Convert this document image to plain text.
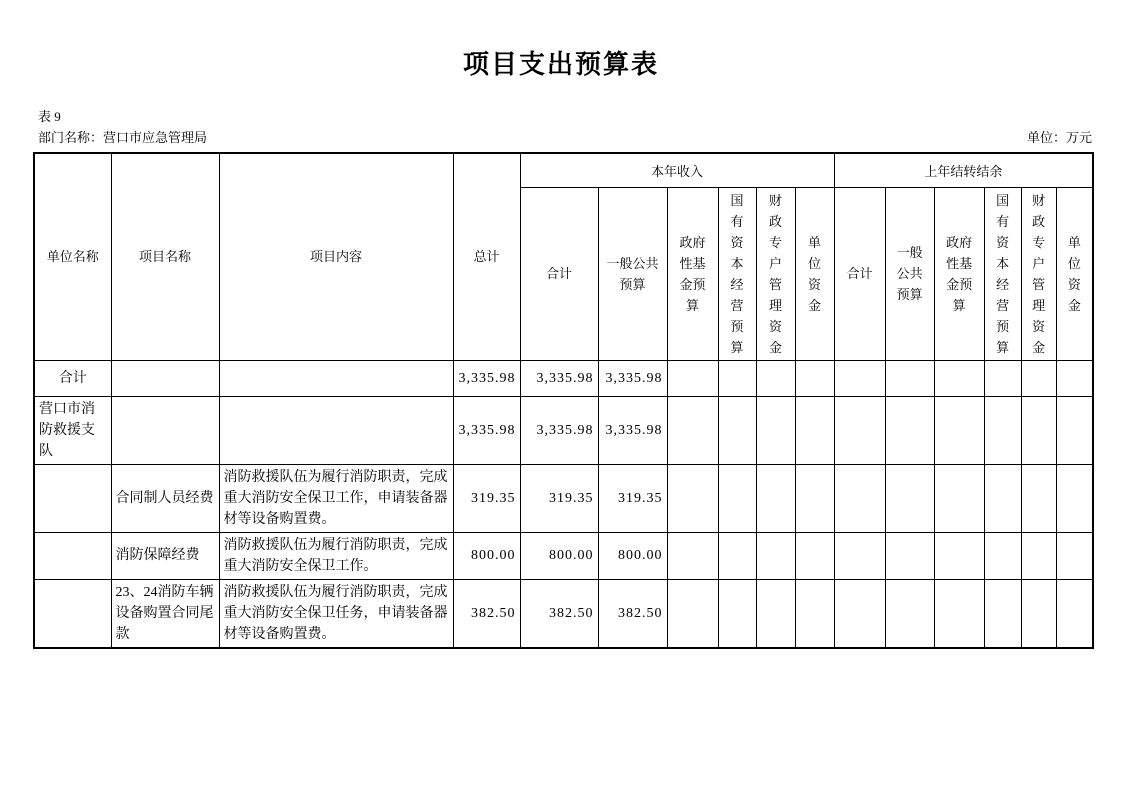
项目支出预算表
表 9
部门名称：营口市应急管理局	单位：万元
单位名称	项目名称	项目内容	总计	本年收入						上年结转结余					
				合计	一般公共预算	政府性基金预算	国有资本经营预算	财政专户管理资金	单位资金	合计	一般公共预算	政府性基金预算	国有资本经营预算	财政专户管理资金	单位资金
合计			3,335.98	3,335.98	3,335.98										
营口市消防救援支队			3,335.98	3,335.98	3,335.98										
	合同制人员经费	消防救援队伍为履行消防职责，完成重大消防安全保卫工作，申请装备器材等设备购置费。	319.35	319.35	319.35										
	消防保障经费	消防救援队伍为履行消防职责，完成重大消防安全保卫工作。	800.00	800.00	800.00										
	23、24消防车辆设备购置合同尾款	消防救援队伍为履行消防职责，完成重大消防安全保卫任务，申请装备器材等设备购置费。	382.50	382.50	382.50										
